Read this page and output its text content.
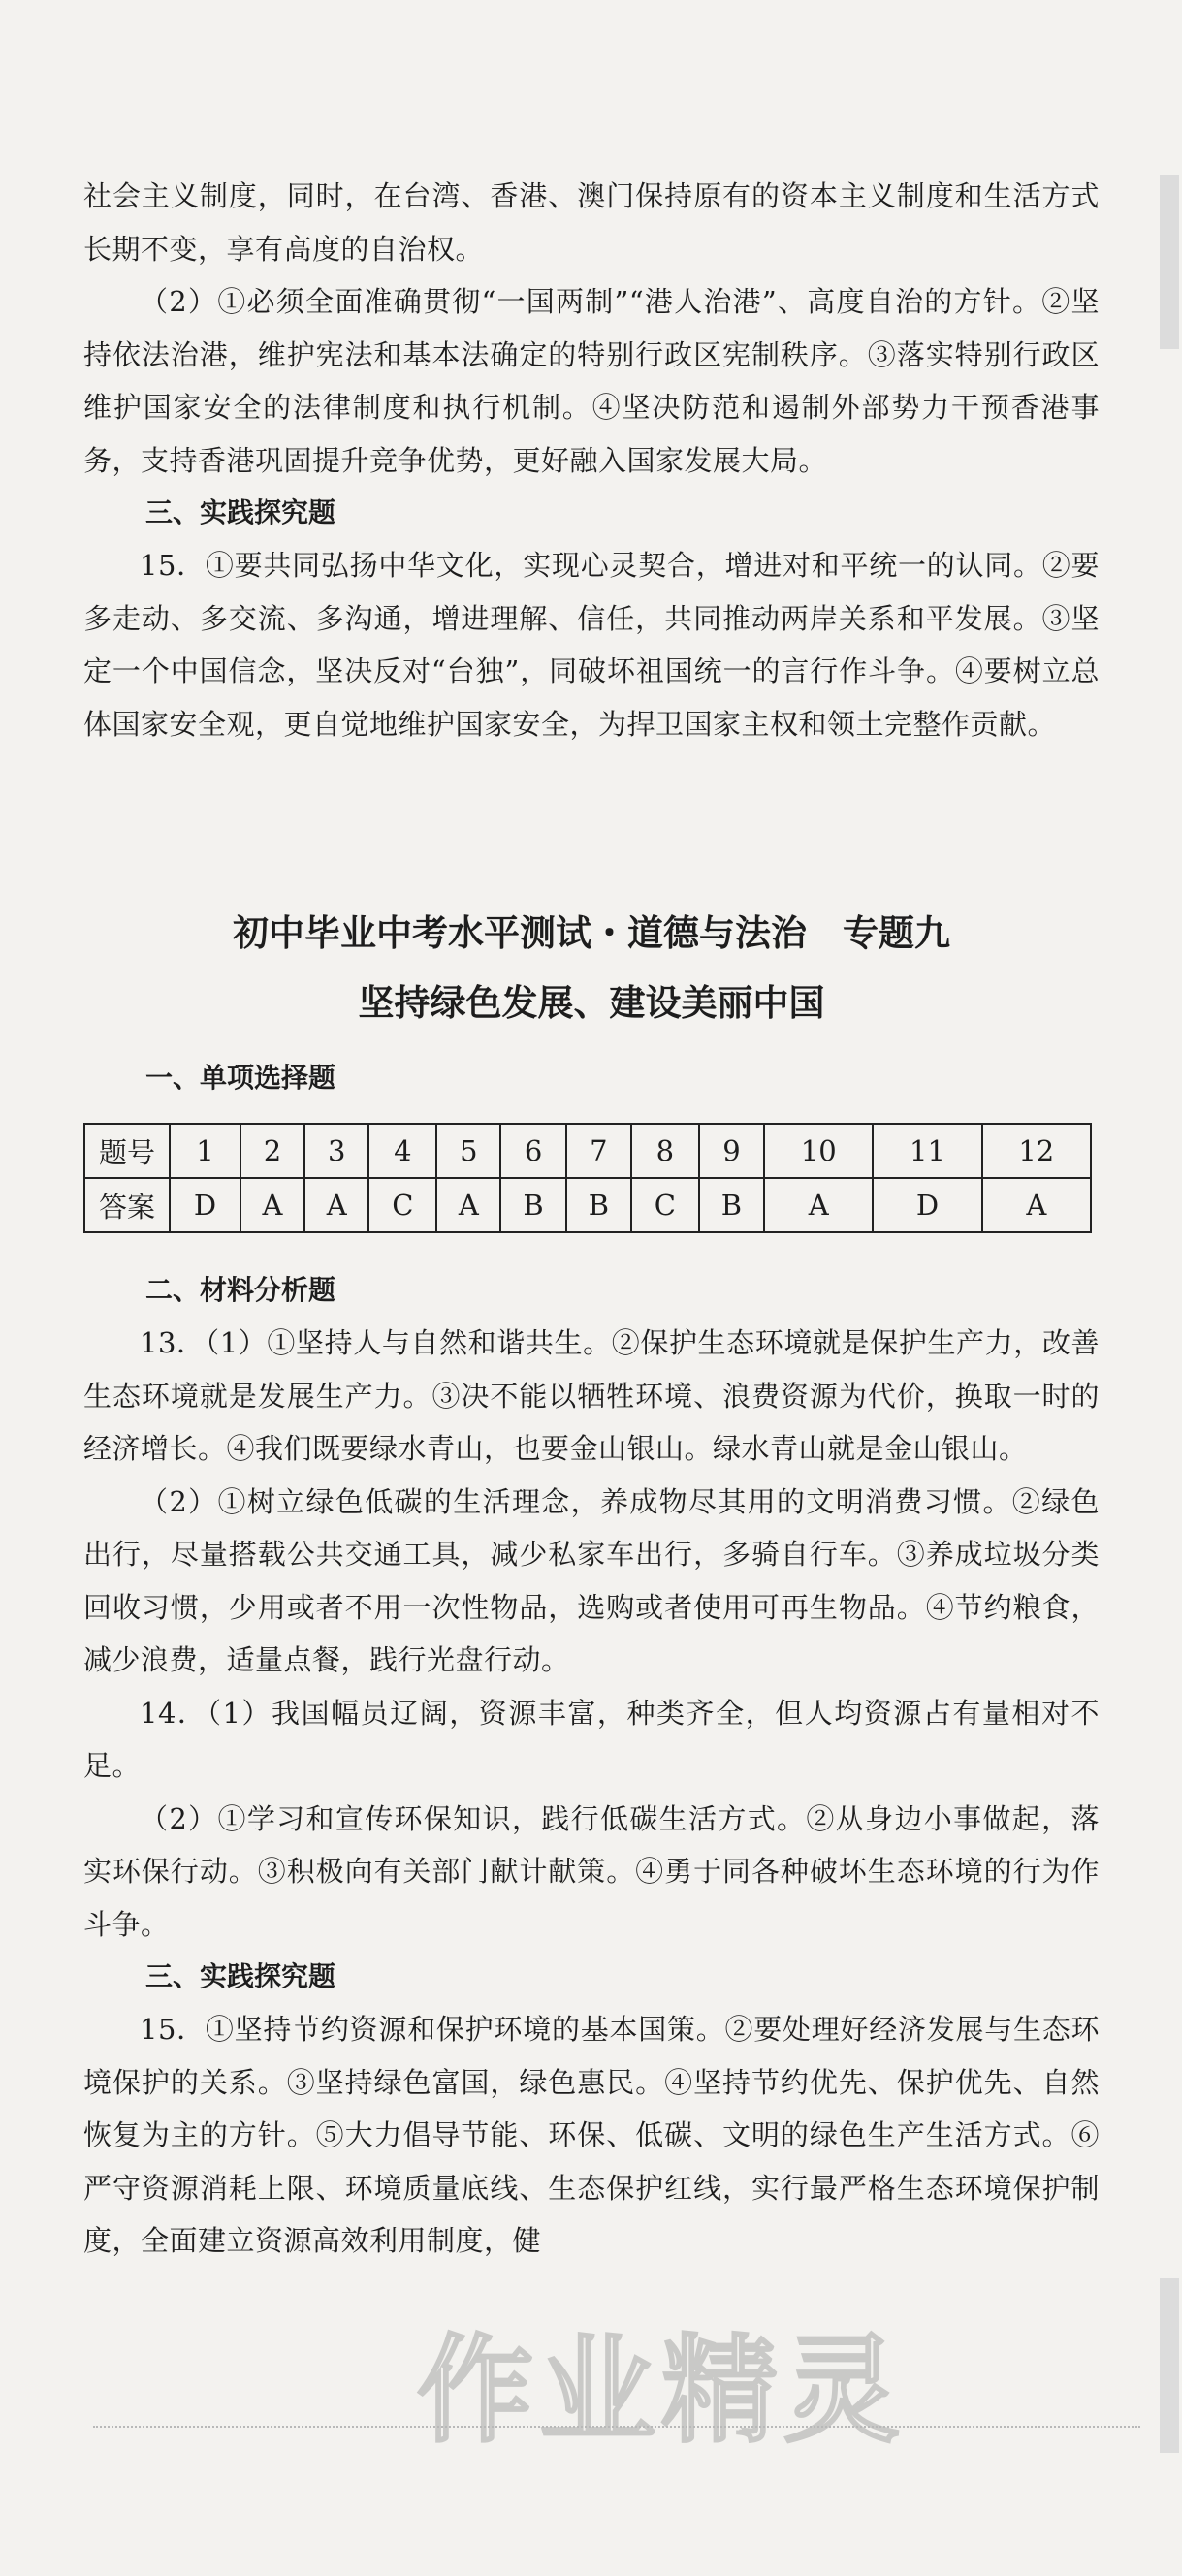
社会主义制度，同时，在台湾、香港、澳门保持原有的资本主义制度和生活方式长期不变，享有高度的自治权。

（2）①必须全面准确贯彻“一国两制”“港人治港”、高度自治的方针。②坚持依法治港，维护宪法和基本法确定的特别行政区宪制秩序。③落实特别行政区维护国家安全的法律制度和执行机制。④坚决防范和遏制外部势力干预香港事务，支持香港巩固提升竞争优势，更好融入国家发展大局。

三、实践探究题

15．①要共同弘扬中华文化，实现心灵契合，增进对和平统一的认同。②要多走动、多交流、多沟通，增进理解、信任，共同推动两岸关系和平发展。③坚定一个中国信念，坚决反对“台独”，同破坏祖国统一的言行作斗争。④要树立总体国家安全观，更自觉地维护国家安全，为捍卫国家主权和领土完整作贡献。

初中毕业中考水平测试・道德与法治　专题九

坚持绿色发展、建设美丽中国

一、单项选择题

题号	1	2	3	4	5	6	7	8	9	10	11	12
答案	D	A	A	C	A	B	B	C	B	A	D	A

二、材料分析题

13．（1）①坚持人与自然和谐共生。②保护生态环境就是保护生产力，改善生态环境就是发展生产力。③决不能以牺牲环境、浪费资源为代价，换取一时的经济增长。④我们既要绿水青山，也要金山银山。绿水青山就是金山银山。

（2）①树立绿色低碳的生活理念，养成物尽其用的文明消费习惯。②绿色出行，尽量搭载公共交通工具，减少私家车出行，多骑自行车。③养成垃圾分类回收习惯，少用或者不用一次性物品，选购或者使用可再生物品。④节约粮食，减少浪费，适量点餐，践行光盘行动。

14．（1）我国幅员辽阔，资源丰富，种类齐全，但人均资源占有量相对不足。

（2）①学习和宣传环保知识，践行低碳生活方式。②从身边小事做起，落实环保行动。③积极向有关部门献计献策。④勇于同各种破坏生态环境的行为作斗争。

三、实践探究题

15．①坚持节约资源和保护环境的基本国策。②要处理好经济发展与生态环境保护的关系。③坚持绿色富国，绿色惠民。④坚持节约优先、保护优先、自然恢复为主的方针。⑤大力倡导节能、环保、低碳、文明的绿色生产生活方式。⑥严守资源消耗上限、环境质量底线、生态保护红线，实行最严格生态环境保护制度，全面建立资源高效利用制度，健

作业精灵
